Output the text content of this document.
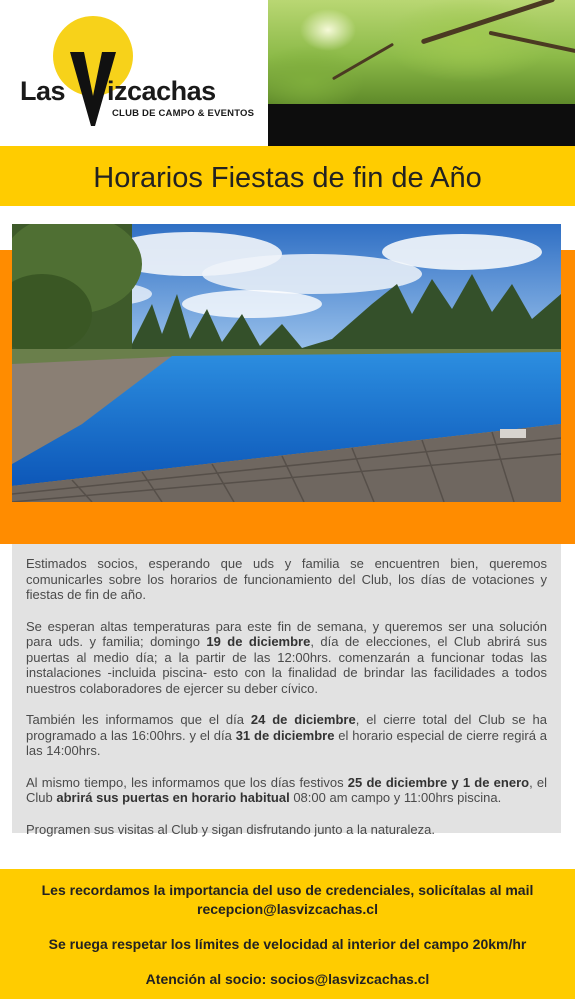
Las izcachas
CLUB DE CAMPO & EVENTOS
Horarios Fiestas de fin de Año

Estimados socios, esperando que uds y familia se encuentren bien, queremos comunicarles sobre los horarios de funcionamiento del Club, los días de votaciones y fiestas de fin de año.

Se esperan altas temperaturas para este fin de semana, y queremos ser una solución para uds. y familia; domingo 19 de diciembre, día de elecciones, el Club abrirá sus puertas al medio día; a la partir de las 12:00hrs. comenzarán a funcionar todas las instalaciones -incluida piscina- esto con la finalidad de brindar las facilidades a todos nuestros colaboradores de ejercer su deber cívico.

También les informamos que el día 24 de diciembre, el cierre total del Club se ha programado a las 16:00hrs. y el día 31 de diciembre el horario especial de cierre regirá a las 14:00hrs.

Al mismo tiempo, les informamos que los días festivos 25 de diciembre y 1 de enero, el Club abrirá sus puertas en horario habitual 08:00 am campo y 11:00hrs piscina.

Programen sus visitas al Club y sigan disfrutando junto a la naturaleza.

Les recordamos la importancia del uso de credenciales, solicítalas al mail

recepcion@lasvizcachas.cl

Se ruega respetar los límites de velocidad al interior del campo 20km/hr

Atención al socio: socios@lasvizcachas.cl
